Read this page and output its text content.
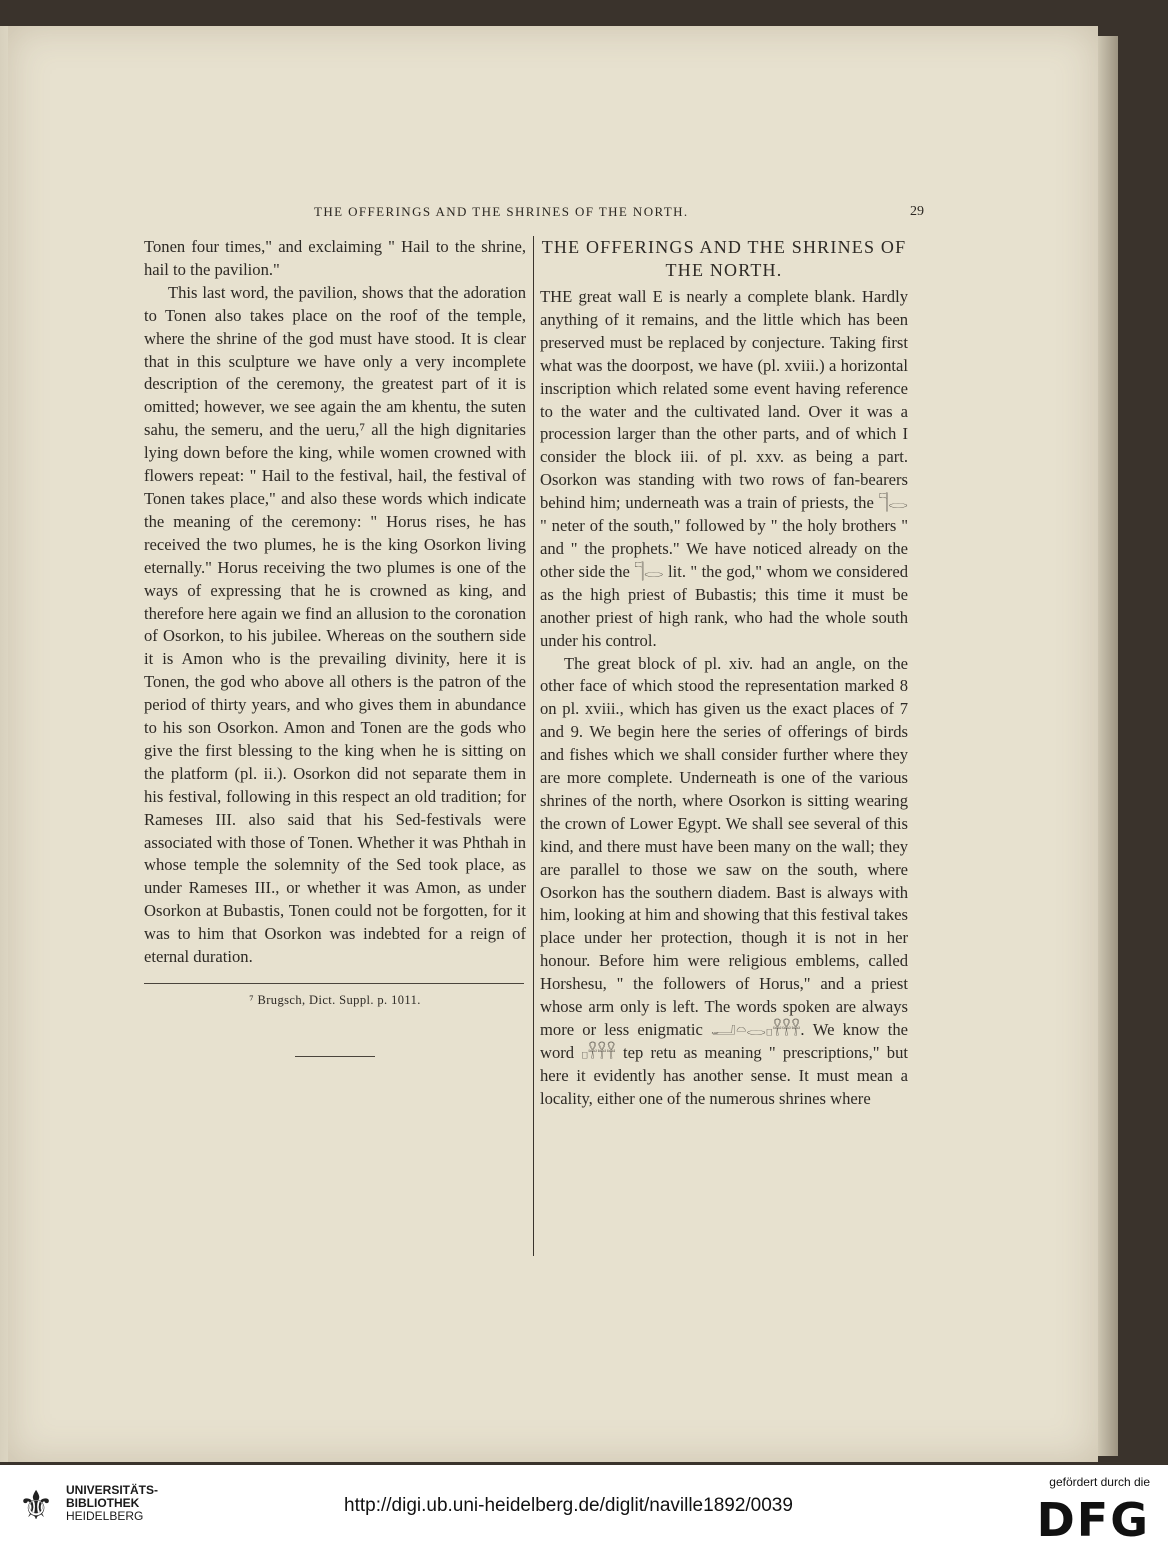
THE OFFERINGS AND THE SHRINES OF THE NORTH.	29

Tonen four times," and exclaiming " Hail to the shrine, hail to the pavilion."

This last word, the pavilion, shows that the adoration to Tonen also takes place on the roof of the temple, where the shrine of the god must have stood. It is clear that in this sculpture we have only a very incomplete description of the ceremony, the greatest part of it is omitted; however, we see again the am khentu, the suten sahu, the semeru, and the ueru,⁷ all the high dignitaries lying down before the king, while women crowned with flowers repeat: " Hail to the festival, hail, the festival of Tonen takes place," and also these words which indicate the meaning of the ceremony: " Horus rises, he has received the two plumes, he is the king Osorkon living eternally." Horus receiving the two plumes is one of the ways of expressing that he is crowned as king, and therefore here again we find an allusion to the coronation of Osorkon, to his jubilee. Whereas on the southern side it is Amon who is the prevailing divinity, here it is Tonen, the god who above all others is the patron of the period of thirty years, and who gives them in abundance to his son Osorkon. Amon and Tonen are the gods who give the first blessing to the king when he is sitting on the platform (pl. ii.). Osorkon did not separate them in his festival, following in this respect an old tradition; for Rameses III. also said that his Sed-festivals were associated with those of Tonen. Whether it was Phthah in whose temple the solemnity of the Sed took place, as under Rameses III., or whether it was Amon, as under Osorkon at Bubastis, Tonen could not be forgotten, for it was to him that Osorkon was indebted for a reign of eternal duration.

⁷ Brugsch, Dict. Suppl. p. 1011.
THE OFFERINGS AND THE SHRINES OF THE NORTH.

THE great wall E is nearly a complete blank. Hardly anything of it remains, and the little which has been preserved must be replaced by conjecture. Taking first what was the doorpost, we have (pl. xviii.) a horizontal inscription which related some event having reference to the water and the cultivated land. Over it was a procession larger than the other parts, and of which I consider the block iii. of pl. xxv. as being a part. Osorkon was standing with two rows of fan-bearers behind him; underneath was a train of priests, the 𓊹𓂋 " neter of the south," followed by " the holy brothers " and " the prophets." We have noticed already on the other side the 𓊹𓂋 lit. " the god," whom we considered as the high priest of Bubastis; this time it must be another priest of high rank, who had the whole south under his control.

The great block of pl. xiv. had an angle, on the other face of which stood the representation marked 8 on pl. xviii., which has given us the exact places of 7 and 9. We begin here the series of offerings of birds and fishes which we shall consider further where they are more complete. Underneath is one of the various shrines of the north, where Osorkon is sitting wearing the crown of Lower Egypt. We shall see several of this kind, and there must have been many on the wall; they are parallel to those we saw on the south, where Osorkon has the southern diadem. Bast is always with him, looking at him and showing that this festival takes place under her protection, though it is not in her honour. Before him were religious emblems, called Horshesu, " the followers of Horus," and a priest whose arm only is left. The words spoken are always more or less enigmatic 𓂝𓏏𓂋𓊪𓋹𓋹𓋹. We know the word 𓊪𓋹𓋹𓋹 tep retu as meaning " prescriptions," but here it evidently has another sense. It must mean a locality, either one of the numerous shrines where

⚜	UNIVERSITÄTS-
BIBLIOTHEK
HEIDELBERG	http://digi.ub.uni-heidelberg.de/diglit/naville1892/0039
gefördert durch die
DFG
